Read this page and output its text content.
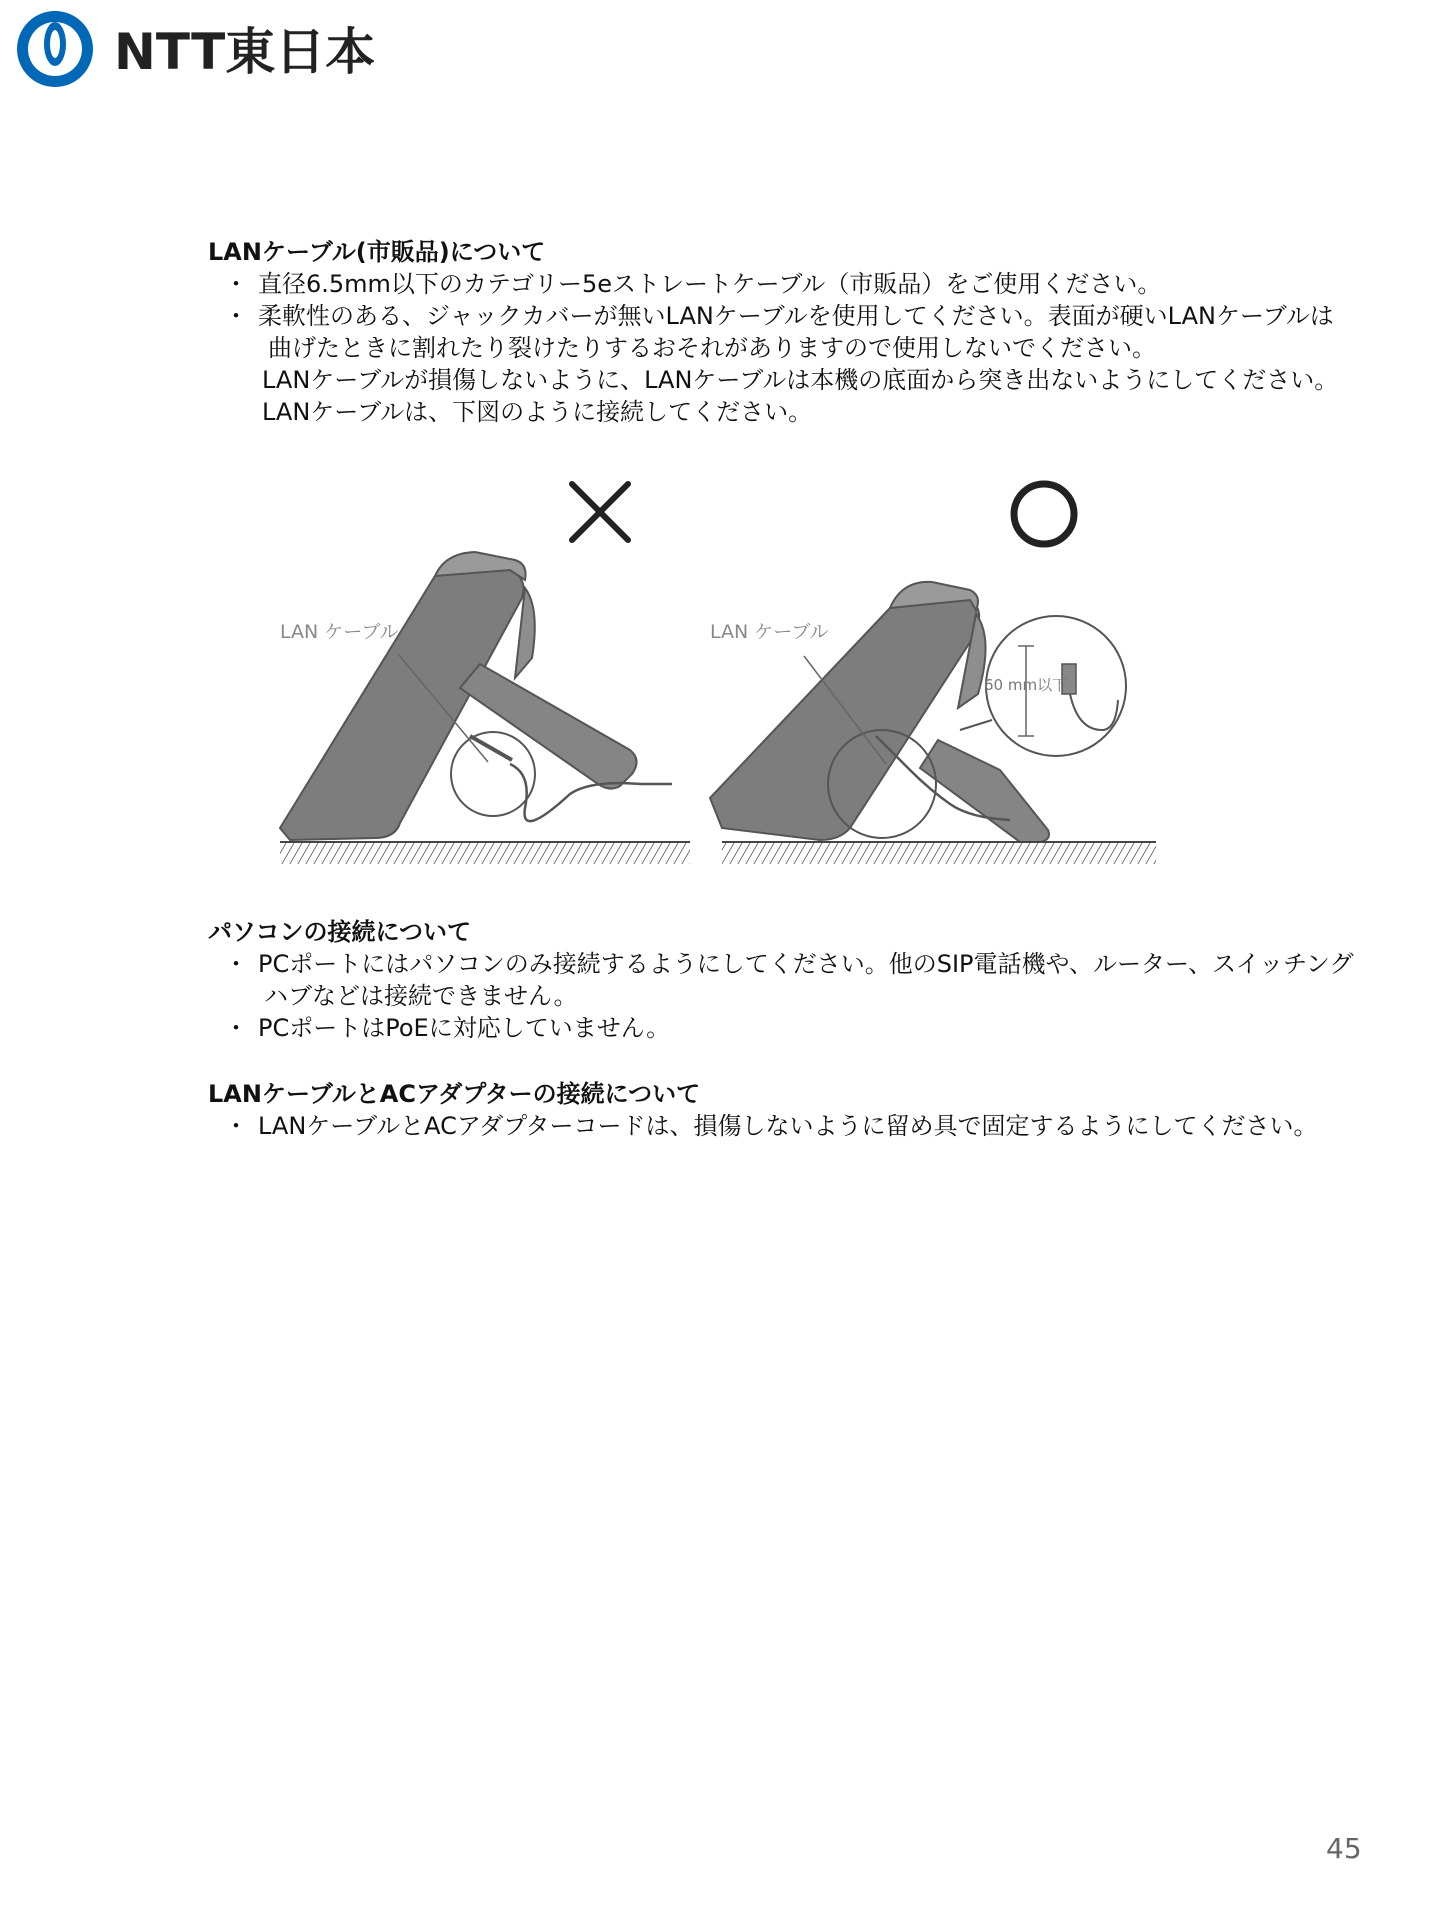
NTT東日本

LANケーブル(市販品)について

・ 直径6.5mm以下のカテゴリー5eストレートケーブル（市販品）をご使用ください。
・ 柔軟性のある、ジャックカバーが無いLANケーブルを使用してください。表面が硬いLANケーブルは
曲げたときに割れたり裂けたりするおそれがありますので使用しないでください。
LANケーブルが損傷しないように、LANケーブルは本機の底面から突き出ないようにしてください。
LANケーブルは、下図のように接続してください。
LAN ケーブル	LAN ケーブル
60 mm以下

パソコンの接続について

・ PCポートにはパソコンのみ接続するようにしてください。他のSIP電話機や、ルーター、スイッチング
ハブなどは接続できません。
・ PCポートはPoEに対応していません。

LANケーブルとACアダプターの接続について

・ LANケーブルとACアダプターコードは、損傷しないように留め具で固定するようにしてください。
45
